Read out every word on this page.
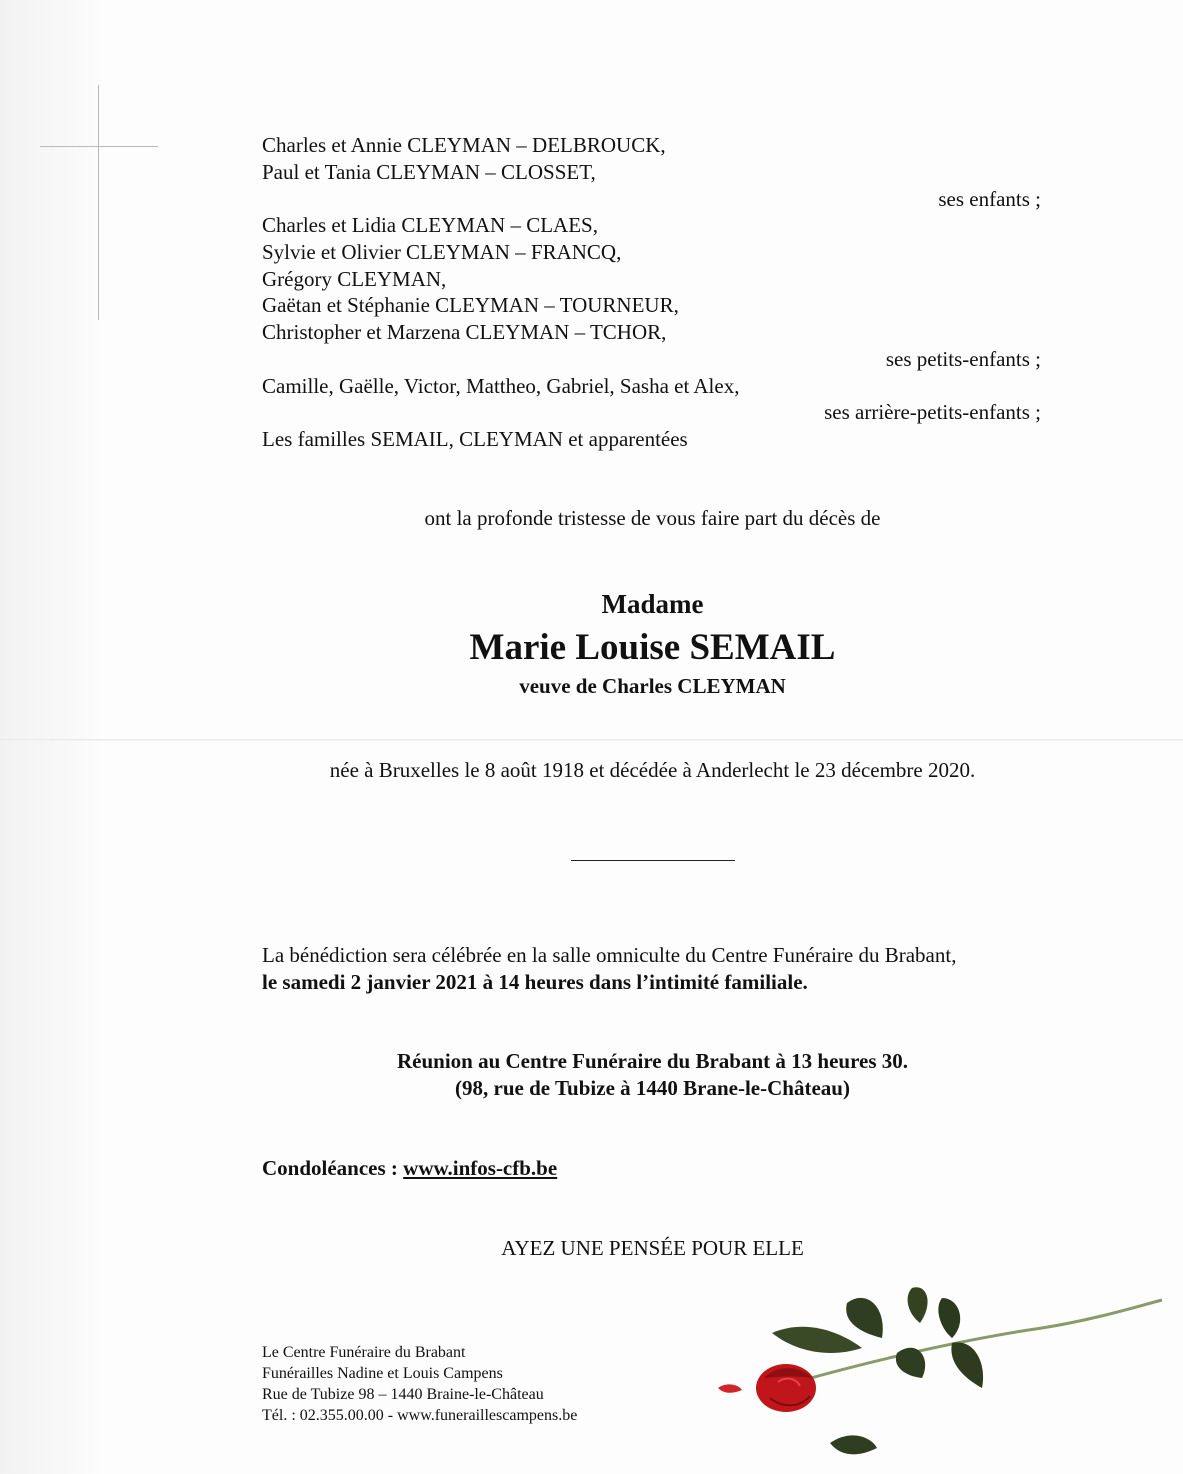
Charles et Annie CLEYMAN – DELBROUCK,
Paul et Tania CLEYMAN – CLOSSET,
ses enfants ;
Charles et Lidia CLEYMAN – CLAES,
Sylvie et Olivier CLEYMAN – FRANCQ,
Grégory CLEYMAN,
Gaëtan et Stéphanie CLEYMAN – TOURNEUR,
Christopher et Marzena CLEYMAN – TCHOR,
ses petits-enfants ;
Camille, Gaëlle, Victor, Mattheo, Gabriel, Sasha et Alex,
ses arrière-petits-enfants ;
Les familles SEMAIL, CLEYMAN et apparentées
ont la profonde tristesse de vous faire part du décès de
Madame
Marie Louise SEMAIL
veuve de Charles CLEYMAN
née à Bruxelles le 8 août 1918 et décédée à Anderlecht le 23 décembre 2020.
La bénédiction sera célébrée en la salle omniculte du Centre Funéraire du Brabant,
le samedi 2 janvier 2021 à 14 heures dans l’intimité familiale.
Réunion au Centre Funéraire du Brabant à 13 heures 30.
(98, rue de Tubize à 1440 Brane-le-Château)
Condoléances : www.infos-cfb.be
AYEZ UNE PENSÉE POUR ELLE
Le Centre Funéraire du Brabant
Funérailles Nadine et Louis Campens
Rue de Tubize 98 – 1440 Braine-le-Château
Tél. : 02.355.00.00 - www.funeraillescampens.be
